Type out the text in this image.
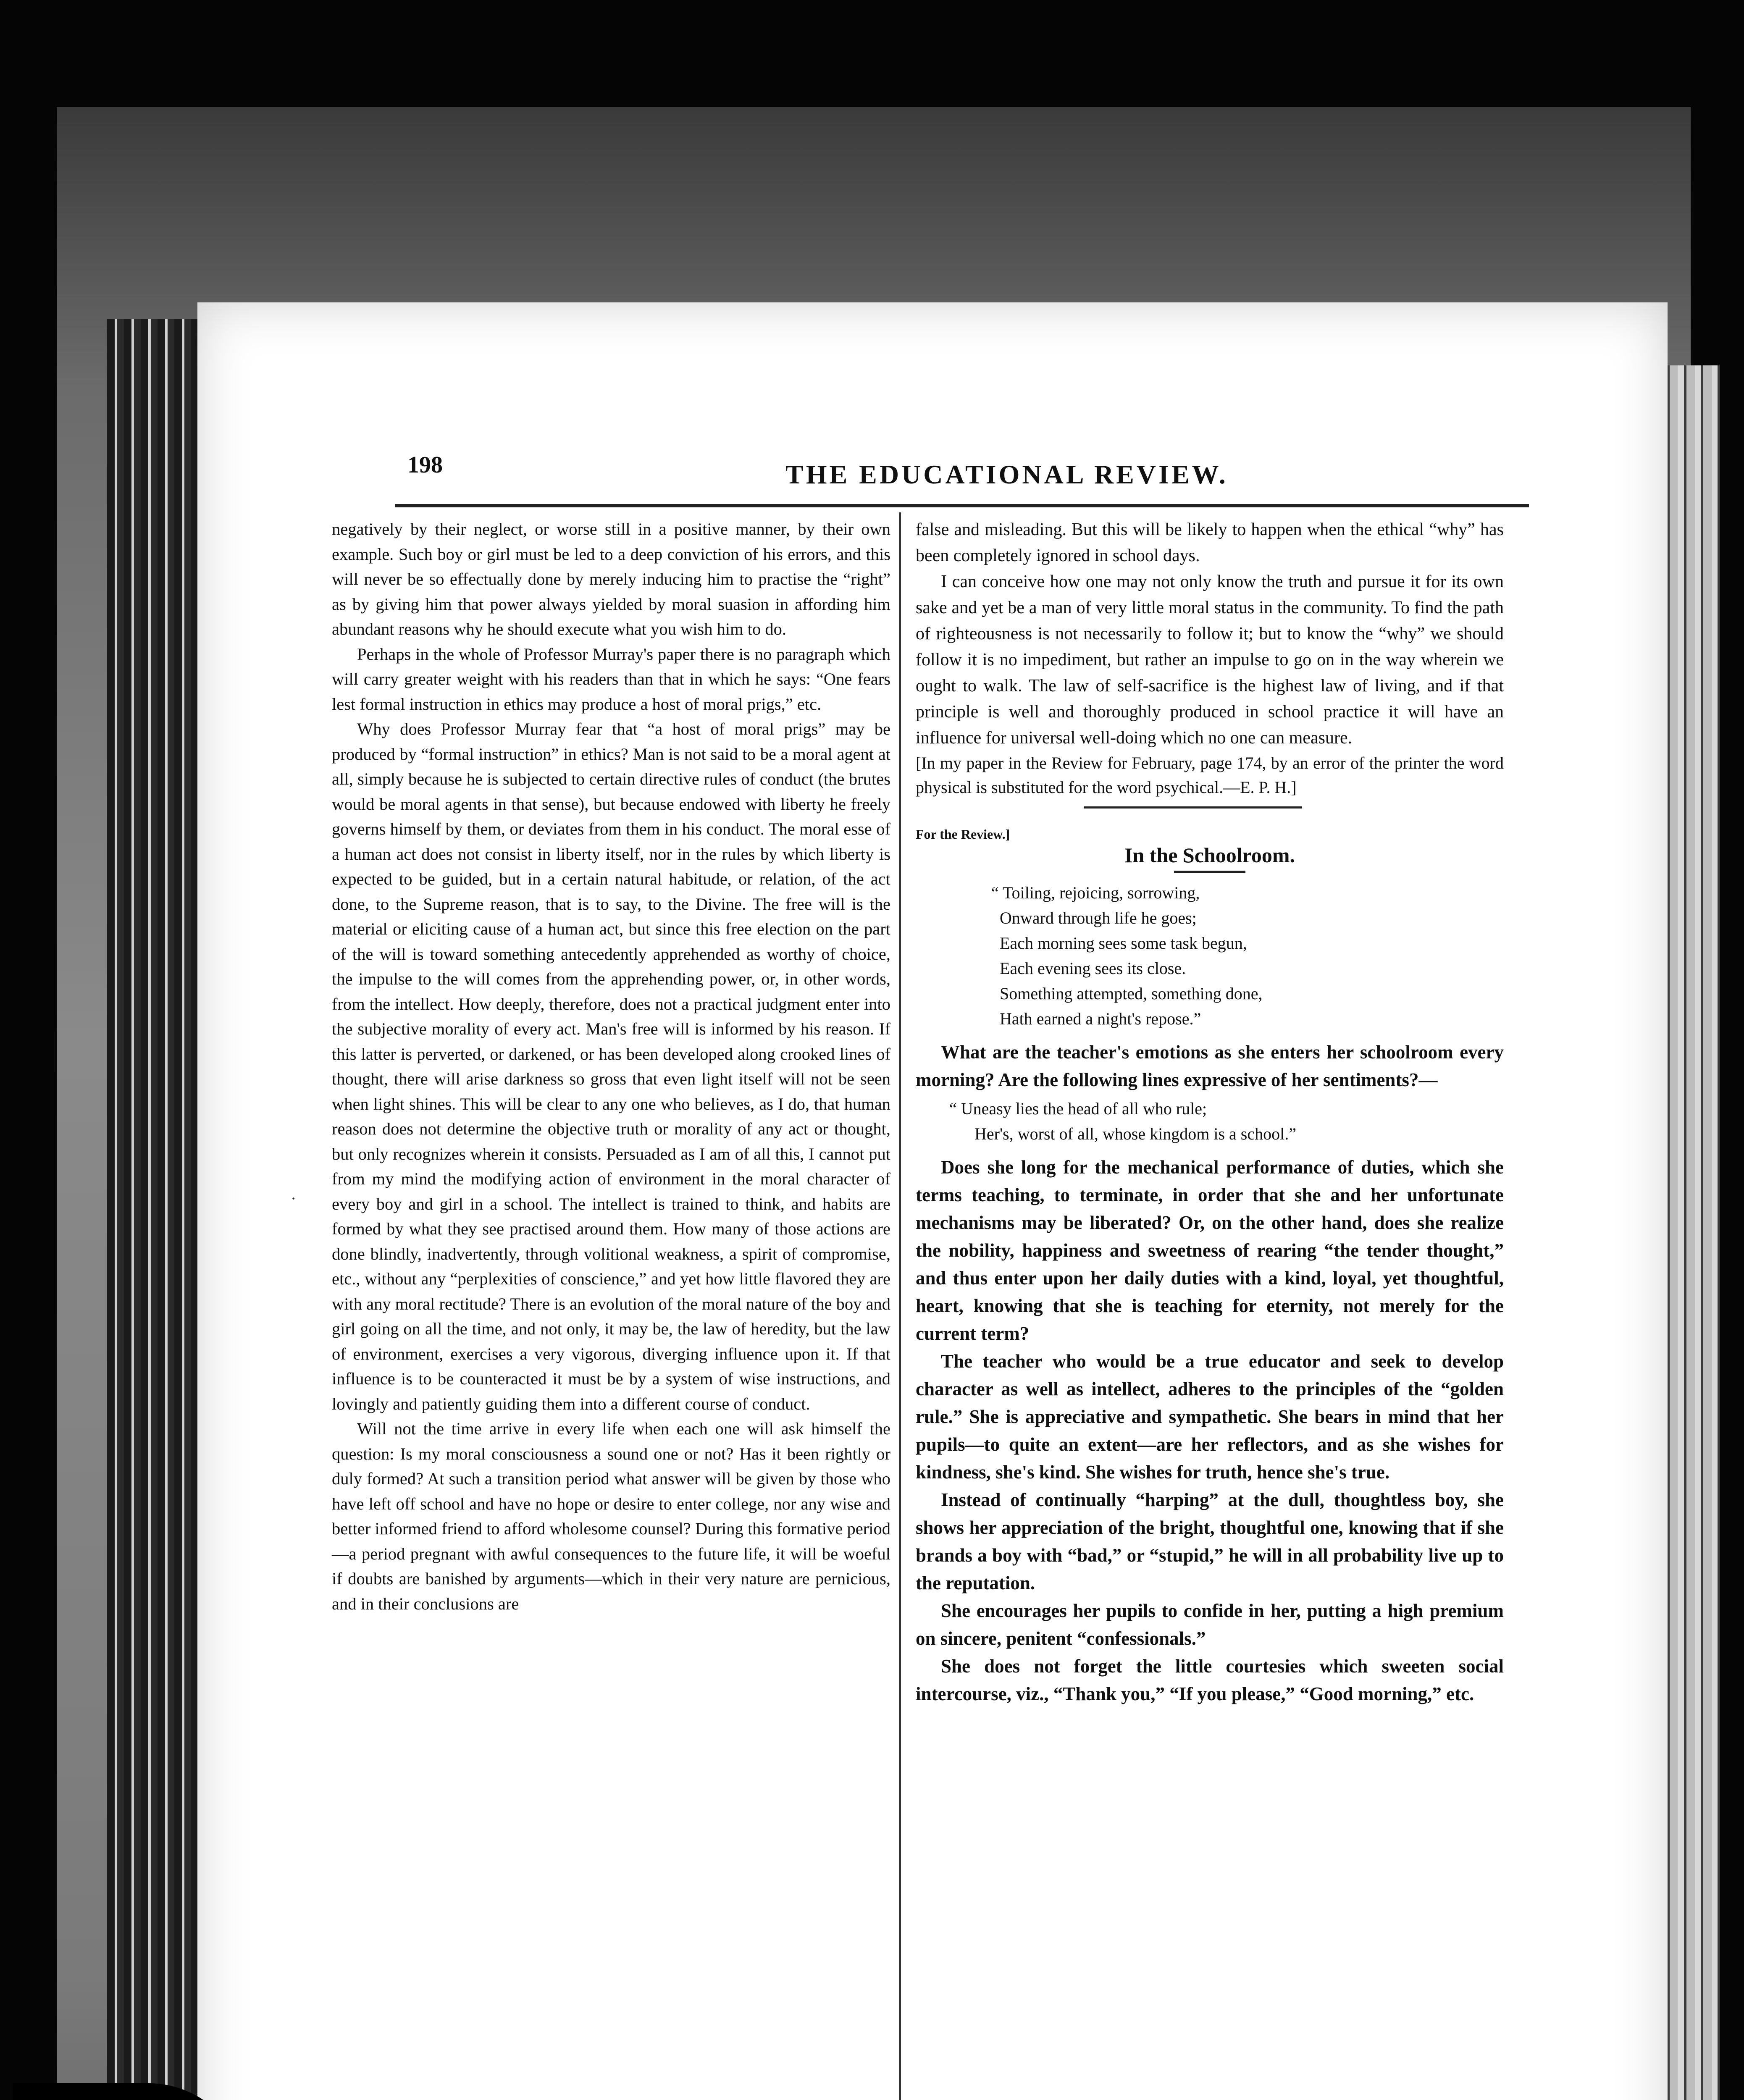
198	THE EDUCATIONAL REVIEW.
·

negatively by their neglect, or worse still in a positive manner, by their own example. Such boy or girl must be led to a deep conviction of his errors, and this will never be so effectually done by merely inducing him to practise the “right” as by giving him that power always yielded by moral suasion in affording him abundant reasons why he should execute what you wish him to do.

Perhaps in the whole of Professor Murray's paper there is no paragraph which will carry greater weight with his readers than that in which he says: “One fears lest formal instruction in ethics may produce a host of moral prigs,” etc.

Why does Professor Murray fear that “a host of moral prigs” may be produced by “formal instruction” in ethics? Man is not said to be a moral agent at all, simply because he is subjected to certain directive rules of conduct (the brutes would be moral agents in that sense), but because endowed with liberty he freely governs himself by them, or deviates from them in his conduct. The moral esse of a human act does not consist in liberty itself, nor in the rules by which liberty is expected to be guided, but in a certain natural habitude, or relation, of the act done, to the Supreme reason, that is to say, to the Divine. The free will is the material or eliciting cause of a human act, but since this free election on the part of the will is toward something antecedently apprehended as worthy of choice, the impulse to the will comes from the apprehending power, or, in other words, from the intellect. How deeply, therefore, does not a practical judgment enter into the subjective morality of every act. Man's free will is informed by his reason. If this latter is perverted, or darkened, or has been developed along crooked lines of thought, there will arise darkness so gross that even light itself will not be seen when light shines. This will be clear to any one who believes, as I do, that human reason does not determine the objective truth or morality of any act or thought, but only recognizes wherein it consists. Persuaded as I am of all this, I cannot put from my mind the modifying action of environment in the moral character of every boy and girl in a school. The intellect is trained to think, and habits are formed by what they see practised around them. How many of those actions are done blindly, inadvertently, through volitional weakness, a spirit of compromise, etc., without any “perplexities of conscience,” and yet how little flavored they are with any moral rectitude? There is an evolution of the moral nature of the boy and girl going on all the time, and not only, it may be, the law of heredity, but the law of environment, exercises a very vigorous, diverging influence upon it. If that influence is to be counteracted it must be by a system of wise instructions, and lovingly and patiently guiding them into a different course of conduct.

Will not the time arrive in every life when each one will ask himself the question: Is my moral consciousness a sound one or not? Has it been rightly or duly formed? At such a transition period what answer will be given by those who have left off school and have no hope or desire to enter college, nor any wise and better informed friend to afford wholesome counsel? During this formative period—a period pregnant with awful consequences to the future life, it will be woeful if doubts are banished by arguments—which in their very nature are pernicious, and in their conclusions are

false and misleading. But this will be likely to happen when the ethical “why” has been completely ignored in school days.

I can conceive how one may not only know the truth and pursue it for its own sake and yet be a man of very little moral status in the community. To find the path of righteousness is not necessarily to follow it; but to know the “why” we should follow it is no impediment, but rather an impulse to go on in the way wherein we ought to walk. The law of self-sacrifice is the highest law of living, and if that principle is well and thoroughly produced in school practice it will have an influence for universal well-doing which no one can measure.

[In my paper in the Review for February, page 174, by an error of the printer the word physical is substituted for the word psychical.—E. P. H.]

For the Review.]
In the Schoolroom.
“ Toiling, rejoicing, sorrowing,
Onward through life he goes;
Each morning sees some task begun,
Each evening sees its close.
Something attempted, something done,
Hath earned a night's repose.”

What are the teacher's emotions as she enters her schoolroom every morning? Are the following lines expressive of her sentiments?—

“ Uneasy lies the head of all who rule;
Her's, worst of all, whose kingdom is a school.”

Does she long for the mechanical performance of duties, which she terms teaching, to terminate, in order that she and her unfortunate mechanisms may be liberated? Or, on the other hand, does she realize the nobility, happiness and sweetness of rearing “the tender thought,” and thus enter upon her daily duties with a kind, loyal, yet thoughtful, heart, knowing that she is teaching for eternity, not merely for the current term?

The teacher who would be a true educator and seek to develop character as well as intellect, adheres to the principles of the “golden rule.” She is appreciative and sympathetic. She bears in mind that her pupils—to quite an extent—are her reflectors, and as she wishes for kindness, she's kind. She wishes for truth, hence she's true.

Instead of continually “harping” at the dull, thoughtless boy, she shows her appreciation of the bright, thoughtful one, knowing that if she brands a boy with “bad,” or “stupid,” he will in all probability live up to the reputation.

She encourages her pupils to confide in her, putting a high premium on sincere, penitent “confessionals.”

She does not forget the little courtesies which sweeten social intercourse, viz., “Thank you,” “If you please,” “Good morning,” etc.
